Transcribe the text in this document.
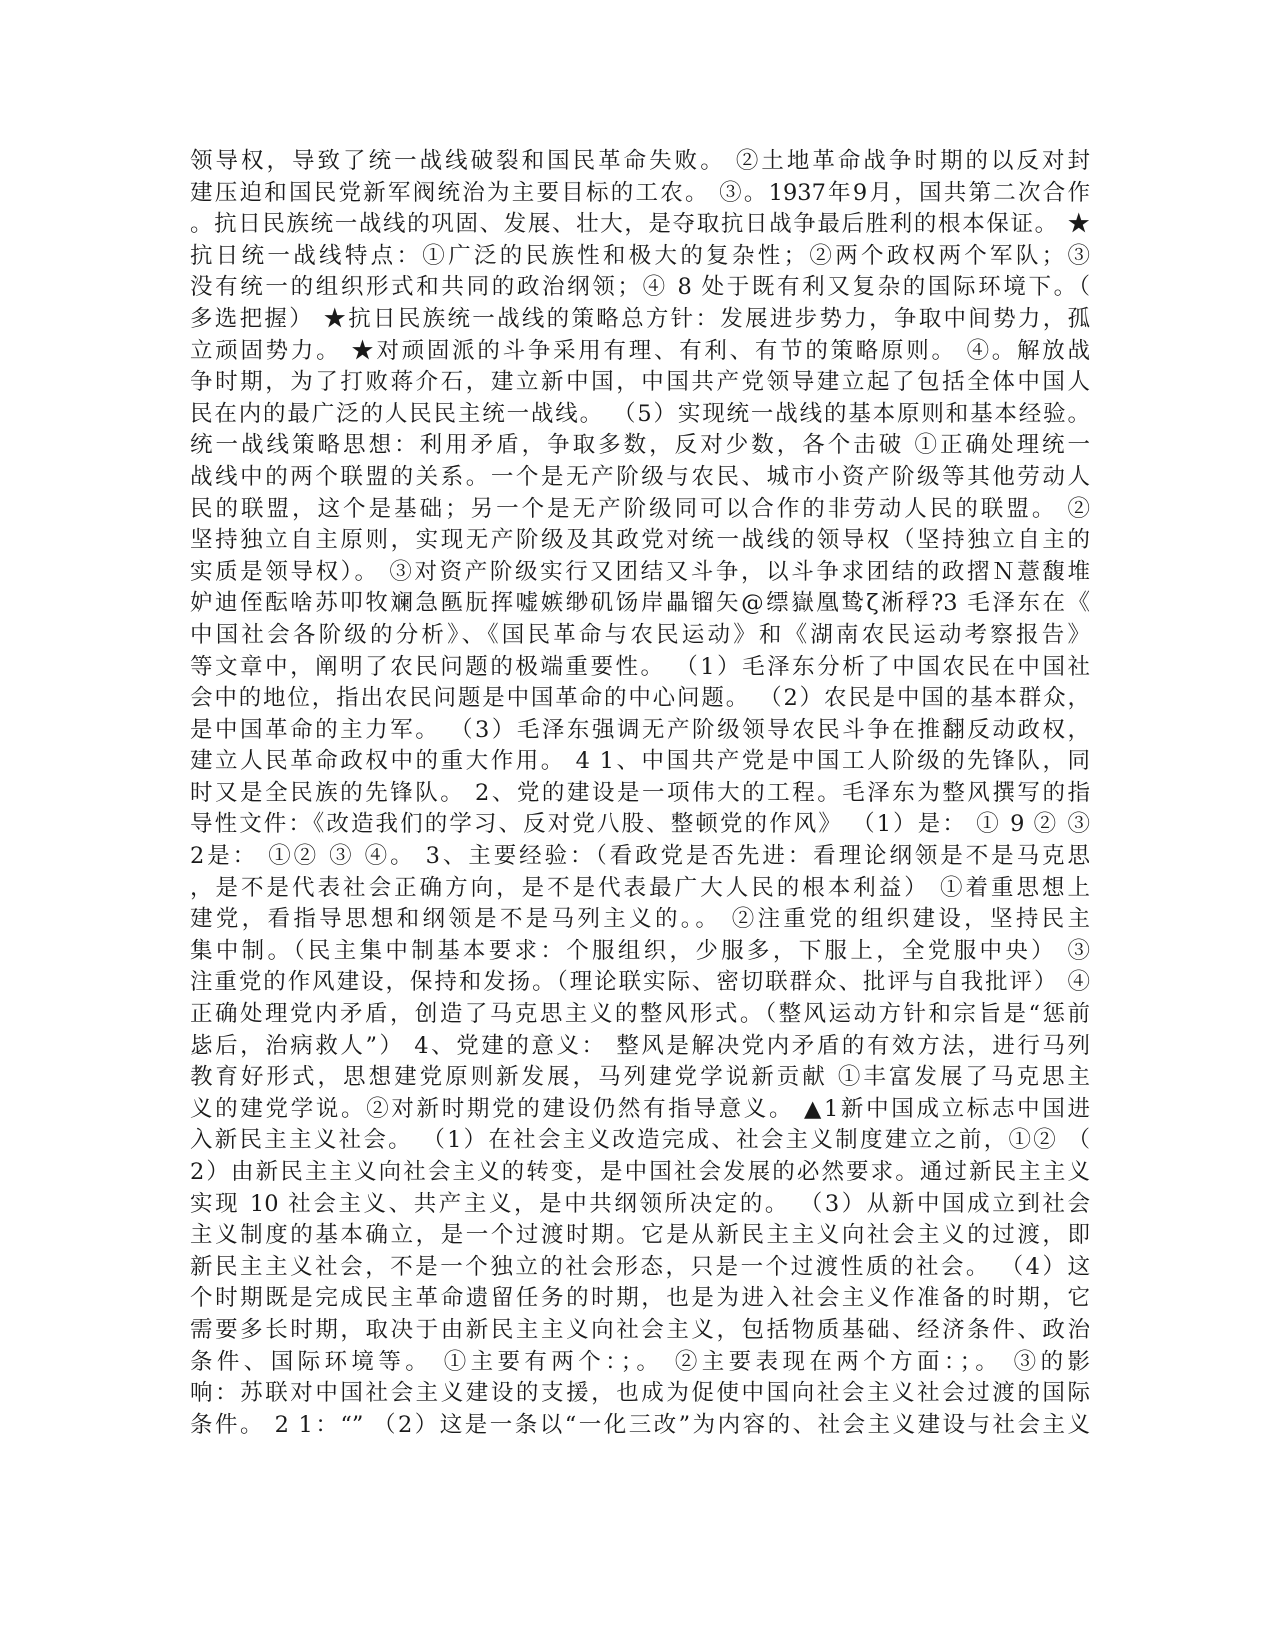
领导权，导致了统一战线破裂和国民革命失败。 ②土地革命战争时期的以反对封
建压迫和国民党新军阀统治为主要目标的工农。 ③。1937年9月，国共第二次合作
。抗日民族统一战线的巩固、发展、壮大，是夺取抗日战争最后胜利的根本保证。 ★
抗日统一战线特点：①广泛的民族性和极大的复杂性；②两个政权两个军队；③
没有统一的组织形式和共同的政治纲领；④ 8 处于既有利又复杂的国际环境下。（
多选把握） ★抗日民族统一战线的策略总方针：发展进步势力，争取中间势力，孤
立顽固势力。 ★对顽固派的斗争采用有理、有利、有节的策略原则。 ④。解放战
争时期，为了打败蒋介石，建立新中国，中国共产党领导建立起了包括全体中国人
民在内的最广泛的人民民主统一战线。 （5）实现统一战线的基本原则和基本经验。
统一战线策略思想：利用矛盾，争取多数，反对少数，各个击破 ①正确处理统一
战线中的两个联盟的关系。一个是无产阶级与农民、城市小资产阶级等其他劳动人
民的联盟，这个是基础；另一个是无产阶级同可以合作的非劳动人民的联盟。 ②
坚持独立自主原则，实现无产阶级及其政党对统一战线的领导权（坚持独立自主的
实质是领导权）。 ③对资产阶级实行又团结又斗争，以斗争求团结的政摺Ｎ薏馥堆
妒迪侄酝啥苏叩牧斓急匦朊挥嘘嫉缈矶饧岸畾镏矢@缥嶽凰鸷ζ淅稃?3 毛泽东在《
中国社会各阶级的分析》、《国民革命与农民运动》和《湖南农民运动考察报告》
等文章中，阐明了农民问题的极端重要性。 （1）毛泽东分析了中国农民在中国社
会中的地位，指出农民问题是中国革命的中心问题。 （2）农民是中国的基本群众，
是中国革命的主力军。 （3）毛泽东强调无产阶级领导农民斗争在推翻反动政权，
建立人民革命政权中的重大作用。 4 1、中国共产党是中国工人阶级的先锋队，同
时又是全民族的先锋队。 2、党的建设是一项伟大的工程。毛泽东为整风撰写的指
导性文件：《改造我们的学习、反对党八股、整顿党的作风》 （1）是： ① 9 ② ③
2是： ①② ③ ④。 3、主要经验：（看政党是否先进：看理论纲领是不是马克思
，是不是代表社会正确方向，是不是代表最广大人民的根本利益） ①着重思想上
建党，看指导思想和纲领是不是马列主义的。。 ②注重党的组织建设，坚持民主
集中制。（民主集中制基本要求：个服组织，少服多，下服上，全党服中央） ③
注重党的作风建设，保持和发扬。（理论联实际、密切联群众、批评与自我批评） ④
正确处理党内矛盾，创造了马克思主义的整风形式。（整风运动方针和宗旨是“惩前
毖后，治病救人”） 4、党建的意义： 整风是解决党内矛盾的有效方法，进行马列
教育好形式，思想建党原则新发展，马列建党学说新贡献 ①丰富发展了马克思主
义的建党学说。②对新时期党的建设仍然有指导意义。 ▲1新中国成立标志中国进
入新民主主义社会。 （1）在社会主义改造完成、社会主义制度建立之前，①② （
2）由新民主主义向社会主义的转变，是中国社会发展的必然要求。通过新民主主义
实现 10 社会主义、共产主义，是中共纲领所决定的。 （3）从新中国成立到社会
主义制度的基本确立，是一个过渡时期。它是从新民主主义向社会主义的过渡，即
新民主主义社会，不是一个独立的社会形态，只是一个过渡性质的社会。 （4）这
个时期既是完成民主革命遗留任务的时期，也是为进入社会主义作准备的时期，它
需要多长时期，取决于由新民主主义向社会主义，包括物质基础、经济条件、政治
条件、国际环境等。 ①主要有两个：；。 ②主要表现在两个方面：；。 ③的影
响：苏联对中国社会主义建设的支援，也成为促使中国向社会主义社会过渡的国际
条件。 2 1：“” （2）这是一条以“一化三改”为内容的、社会主义建设与社会主义
